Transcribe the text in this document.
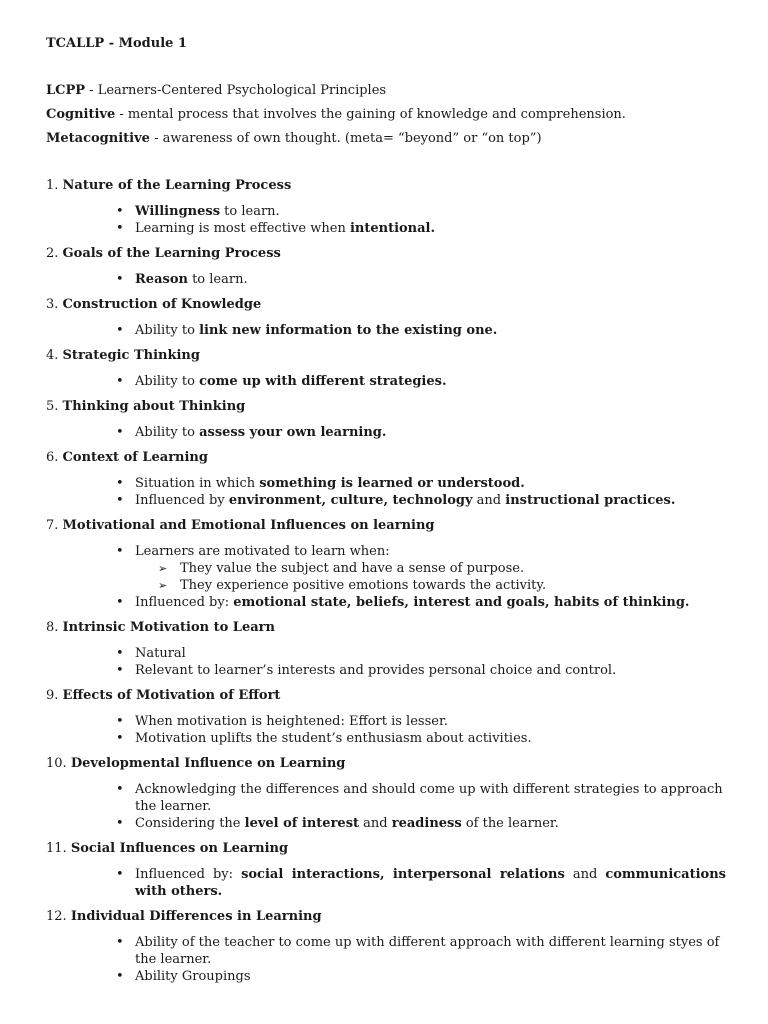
TCALLP - Module 1
LCPP - Learners-Centered Psychological Principles
Cognitive - mental process that involves the gaining of knowledge and comprehension.
Metacognitive - awareness of own thought. (meta= “beyond” or “on top”)
1. Nature of the Learning Process
• Willingness to learn.
• Learning is most effective when intentional.
2. Goals of the Learning Process
• Reason to learn.
3. Construction of Knowledge
• Ability to link new information to the existing one.
4. Strategic Thinking
• Ability to come up with different strategies.
5. Thinking about Thinking
• Ability to assess your own learning.
6. Context of Learning
• Situation in which something is learned or understood.
• Influenced by environment, culture, technology and instructional practices.
7. Motivational and Emotional Influences on learning
• Learners are motivated to learn when:
➢ They value the subject and have a sense of purpose.
➢ They experience positive emotions towards the activity.
• Influenced by: emotional state, beliefs, interest and goals, habits of thinking.
8. Intrinsic Motivation to Learn
• Natural
• Relevant to learner’s interests and provides personal choice and control.
9. Effects of Motivation of Effort
• When motivation is heightened: Effort is lesser.
• Motivation uplifts the student’s enthusiasm about activities.
10. Developmental Influence on Learning
• Acknowledging the differences and should come up with different strategies to approach the learner.
• Considering the level of interest and readiness of the learner.
11. Social Influences on Learning
• Influenced by: social interactions, interpersonal relations and communications with others.
12. Individual Differences in Learning
• Ability of the teacher to come up with different approach with different learning styes of the learner.
• Ability Groupings
